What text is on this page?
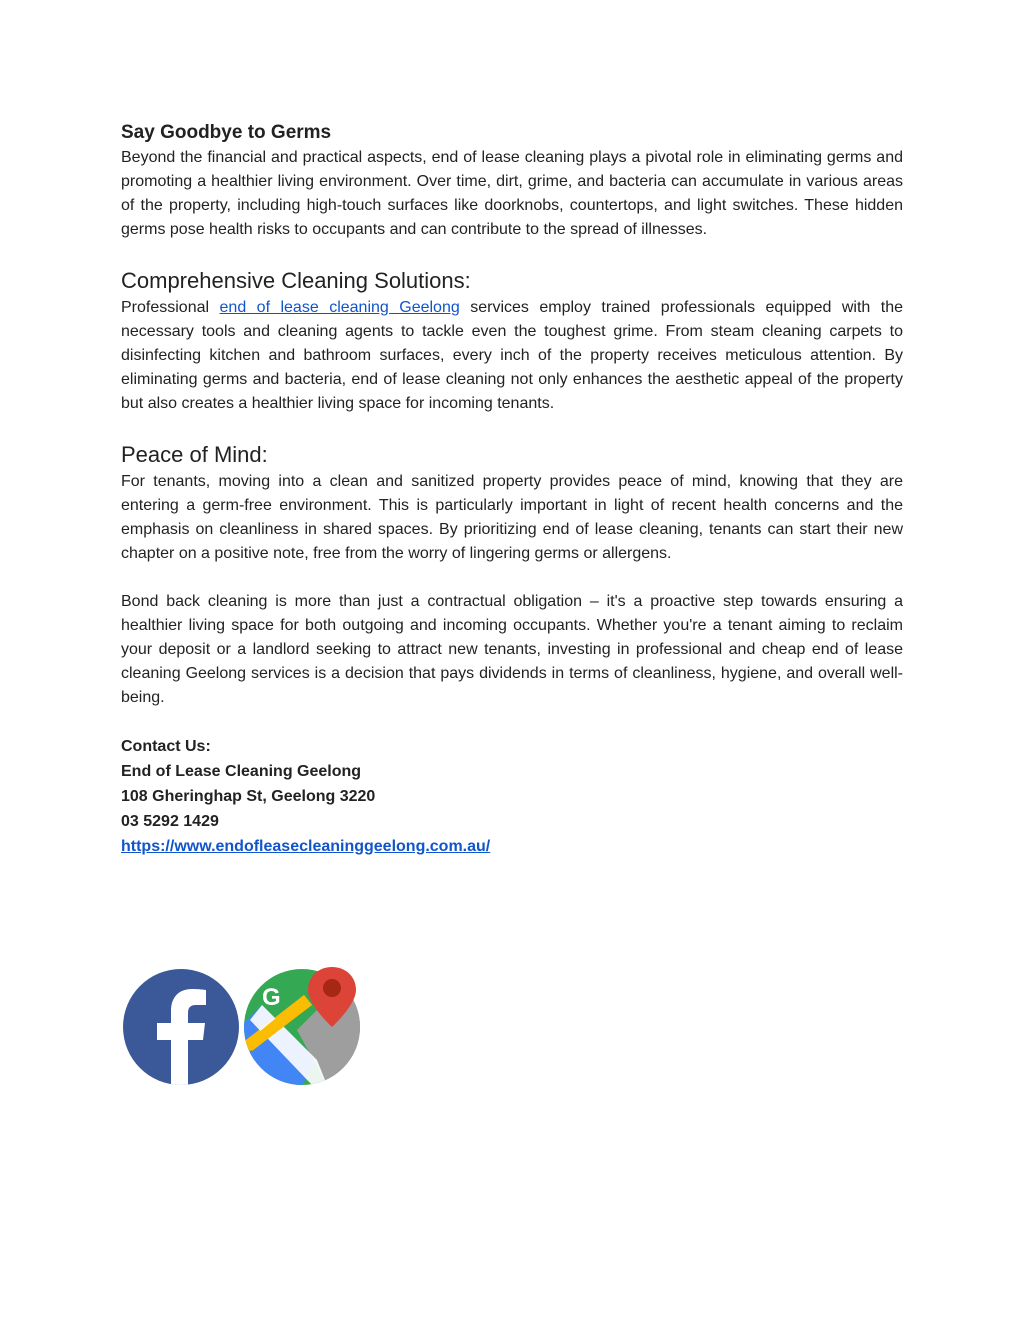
Say Goodbye to Germs

Beyond the financial and practical aspects, end of lease cleaning plays a pivotal role in eliminating germs and promoting a healthier living environment. Over time, dirt, grime, and bacteria can accumulate in various areas of the property, including high-touch surfaces like doorknobs, countertops, and light switches. These hidden germs pose health risks to occupants and can contribute to the spread of illnesses.

Comprehensive Cleaning Solutions:

Professional end of lease cleaning Geelong services employ trained professionals equipped with the necessary tools and cleaning agents to tackle even the toughest grime. From steam cleaning carpets to disinfecting kitchen and bathroom surfaces, every inch of the property receives meticulous attention. By eliminating germs and bacteria, end of lease cleaning not only enhances the aesthetic appeal of the property but also creates a healthier living space for incoming tenants.

Peace of Mind:

For tenants, moving into a clean and sanitized property provides peace of mind, knowing that they are entering a germ-free environment. This is particularly important in light of recent health concerns and the emphasis on cleanliness in shared spaces. By prioritizing end of lease cleaning, tenants can start their new chapter on a positive note, free from the worry of lingering germs or allergens.

Bond back cleaning is more than just a contractual obligation – it's a proactive step towards ensuring a healthier living space for both outgoing and incoming occupants. Whether you're a tenant aiming to reclaim your deposit or a landlord seeking to attract new tenants, investing in professional and cheap end of lease cleaning Geelong services is a decision that pays dividends in terms of cleanliness, hygiene, and overall well-being.

Contact Us:
End of Lease Cleaning Geelong
108 Gheringhap St, Geelong 3220
03 5292 1429
https://www.endofleasecleaninggeelong.com.au/
G
